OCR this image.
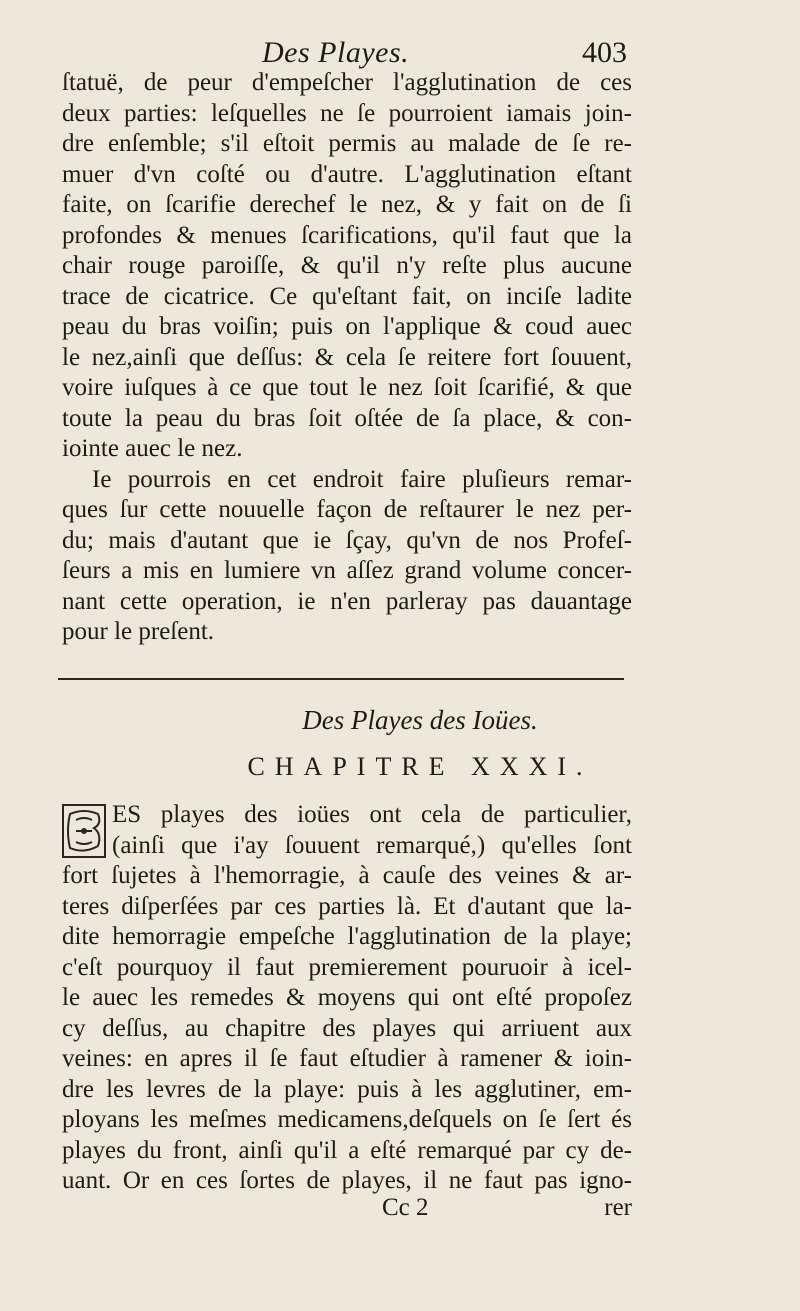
Des Playes.	403
ſtatuë, de peur d'empeſcher l'agglutination de ces
deux parties: leſquelles ne ſe pourroient iamais join-
dre enſemble; s'il eſtoit permis au malade de ſe re-
muer d'vn coſté ou d'autre. L'agglutination eſtant
faite, on ſcarifie derechef le nez, & y fait on de ſi
profondes & menues ſcarifications, qu'il faut que la
chair rouge paroiſſe, & qu'il n'y reſte plus aucune
trace de cicatrice. Ce qu'eſtant fait, on inciſe ladite
peau du bras voiſin; puis on l'applique & coud auec
le nez,ainſi que deſſus: & cela ſe reitere fort ſouuent,
voire iuſques à ce que tout le nez ſoit ſcarifié, & que
toute la peau du bras ſoit oſtée de ſa place, & con-
iointe auec le nez.
Ie pourrois en cet endroit faire pluſieurs remar-
ques ſur cette nouuelle façon de reſtaurer le nez per-
du; mais d'autant que ie ſçay, qu'vn de nos Profeſ-
ſeurs a mis en lumiere vn aſſez grand volume concer-
nant cette operation, ie n'en parleray pas dauantage
pour le preſent.
Des Playes des Ioües.
CHAPITRE XXXI.
ES playes des ioües ont cela de particulier,
(ainſi que i'ay ſouuent remarqué,) qu'elles ſont
fort ſujetes à l'hemorragie, à cauſe des veines & ar-
teres diſperſées par ces parties là. Et d'autant que la-
dite hemorragie empeſche l'agglutination de la playe;
c'eſt pourquoy il faut premierement pouruoir à icel-
le auec les remedes & moyens qui ont eſté propoſez
cy deſſus, au chapitre des playes qui arriuent aux
veines: en apres il ſe faut eſtudier à ramener & ioin-
dre les levres de la playe: puis à les agglutiner, em-
ployans les meſmes medicamens,deſquels on ſe ſert és
playes du front, ainſi qu'il a eſté remarqué par cy de-
uant. Or en ces ſortes de playes, il ne faut pas igno-
Cc 2	rer
